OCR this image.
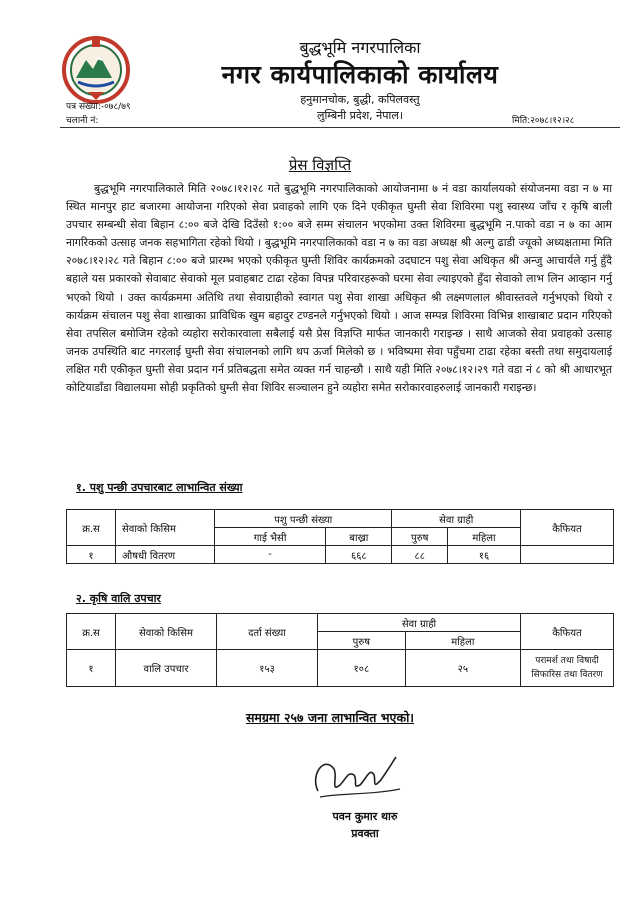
बुद्धभूमि नगरपालिका
नगर कार्यपालिकाको कार्यालय
हनुमानचोक, बुद्धी, कपिलवस्तु
लुम्बिनी प्रदेश, नेपाल।
पत्र संख्या:-०७८/७९
चलानी नं:	मिति:२०७८।१२।२८
प्रेस विज्ञप्ति

बुद्धभूमि नगरपालिकाले मिति २०७८।१२।२८ गते बुद्धभूमि नगरपालिकाको आयोजनामा ७ नं वडा कार्यालयको संयोजनमा वडा न ७ मा स्थित मानपुर हाट बजारमा आयोजना गरिएको सेवा प्रवाहको लागि एक दिने एकीकृत घुम्ती सेवा शिविरमा पशु स्वास्थ्य जाँच र कृषि बाली उपचार सम्बन्धी सेवा बिहान ८:०० बजे देखि दिउँसो १:०० बजे सम्म संचालन भएकोमा उक्त शिविरमा बुद्धभूमि न.पाको वडा न ७ का आम नागरिकको उत्साह जनक सहभागिता रहेको थियो । बुद्धभूमि नगरपालिकाको वडा न ७ का वडा अध्यक्ष श्री अल्गु ढाडी ज्यूको अध्यक्षतामा मिति २०७८।१२।२८ गते बिहान ८:०० बजे प्रारम्भ भएको एकीकृत घुम्ती शिविर कार्यक्रमको उदघाटन पशु सेवा अधिकृत श्री अन्जु आचार्यले गर्नु हुँदै बहाले यस प्रकारको सेवाबाट सेवाको मूल प्रवाहबाट टाढा रहेका विपन्न परिवारहरूको घरमा सेवा ल्याइएको हुँदा सेवाको लाभ लिन आव्हान गर्नु भएको थियो । उक्त कार्यक्रममा अतिथि तथा सेवाग्राहीको स्वागत पशु सेवा शाखा अधिकृत श्री लक्ष्मणलाल श्रीवास्तवले गर्नुभएको थियो र कार्यक्रम संचालन पशु सेवा शाखाका प्राविधिक खुम बहादुर टण्डनले गर्नुभएको थियो । आज सम्पन्न शिविरमा विभिन्न शाखाबाट प्रदान गरिएको सेवा तपसिल बमोजिम रहेको व्यहोरा सरोकारवाला सबैलाई यसै प्रेस विज्ञप्ति मार्फत जानकारी गराइन्छ । साथै आजको सेवा प्रवाहको उत्साह जनक उपस्थिति बाट नगरलाई घुम्ती सेवा संचालनको लागि थप ऊर्जा मिलेको छ । भविष्यमा सेवा पहुँचमा टाढा रहेका बस्ती तथा समुदायलाई लक्षित गरी एकीकृत घुम्ती सेवा प्रदान गर्न प्रतिबद्धता समेत व्यक्त गर्न चाहन्छौ । साथै यही मिति २०७८।१२।२९ गते वडा नं ८ को श्री आधारभूत कोटियाडाँडा विद्यालयमा सोही प्रकृतिको घुम्ती सेवा शिविर सञ्चालन हुने व्यहोरा समेत सरोकारवाहरुलाई जानकारी गराइन्छ।

१. पशु पन्छी उपचारबाट लाभान्वित संख्या
क्र.स	सेवाको किसिम	पशु पन्छी संख्या		सेवा ग्राही		कैफियत
		गाई भैसी	बाख्रा	पुरुष	महिला	
१	औषधी वितरण	-	६६८	८८	१६	
२. कृषि वालि उपचार
क्र.स	सेवाको किसिम	दर्ता संख्या	सेवा ग्राही		कैफियत
			पुरुष	महिला	
१	वालि उपचार	१५३	१०८	२५	परामर्श तथा विषादी सिफारिस तथा वितरण
समग्रमा २५७ जना लाभान्वित भएको।
पवन कुमार थारु
प्रवक्ता
